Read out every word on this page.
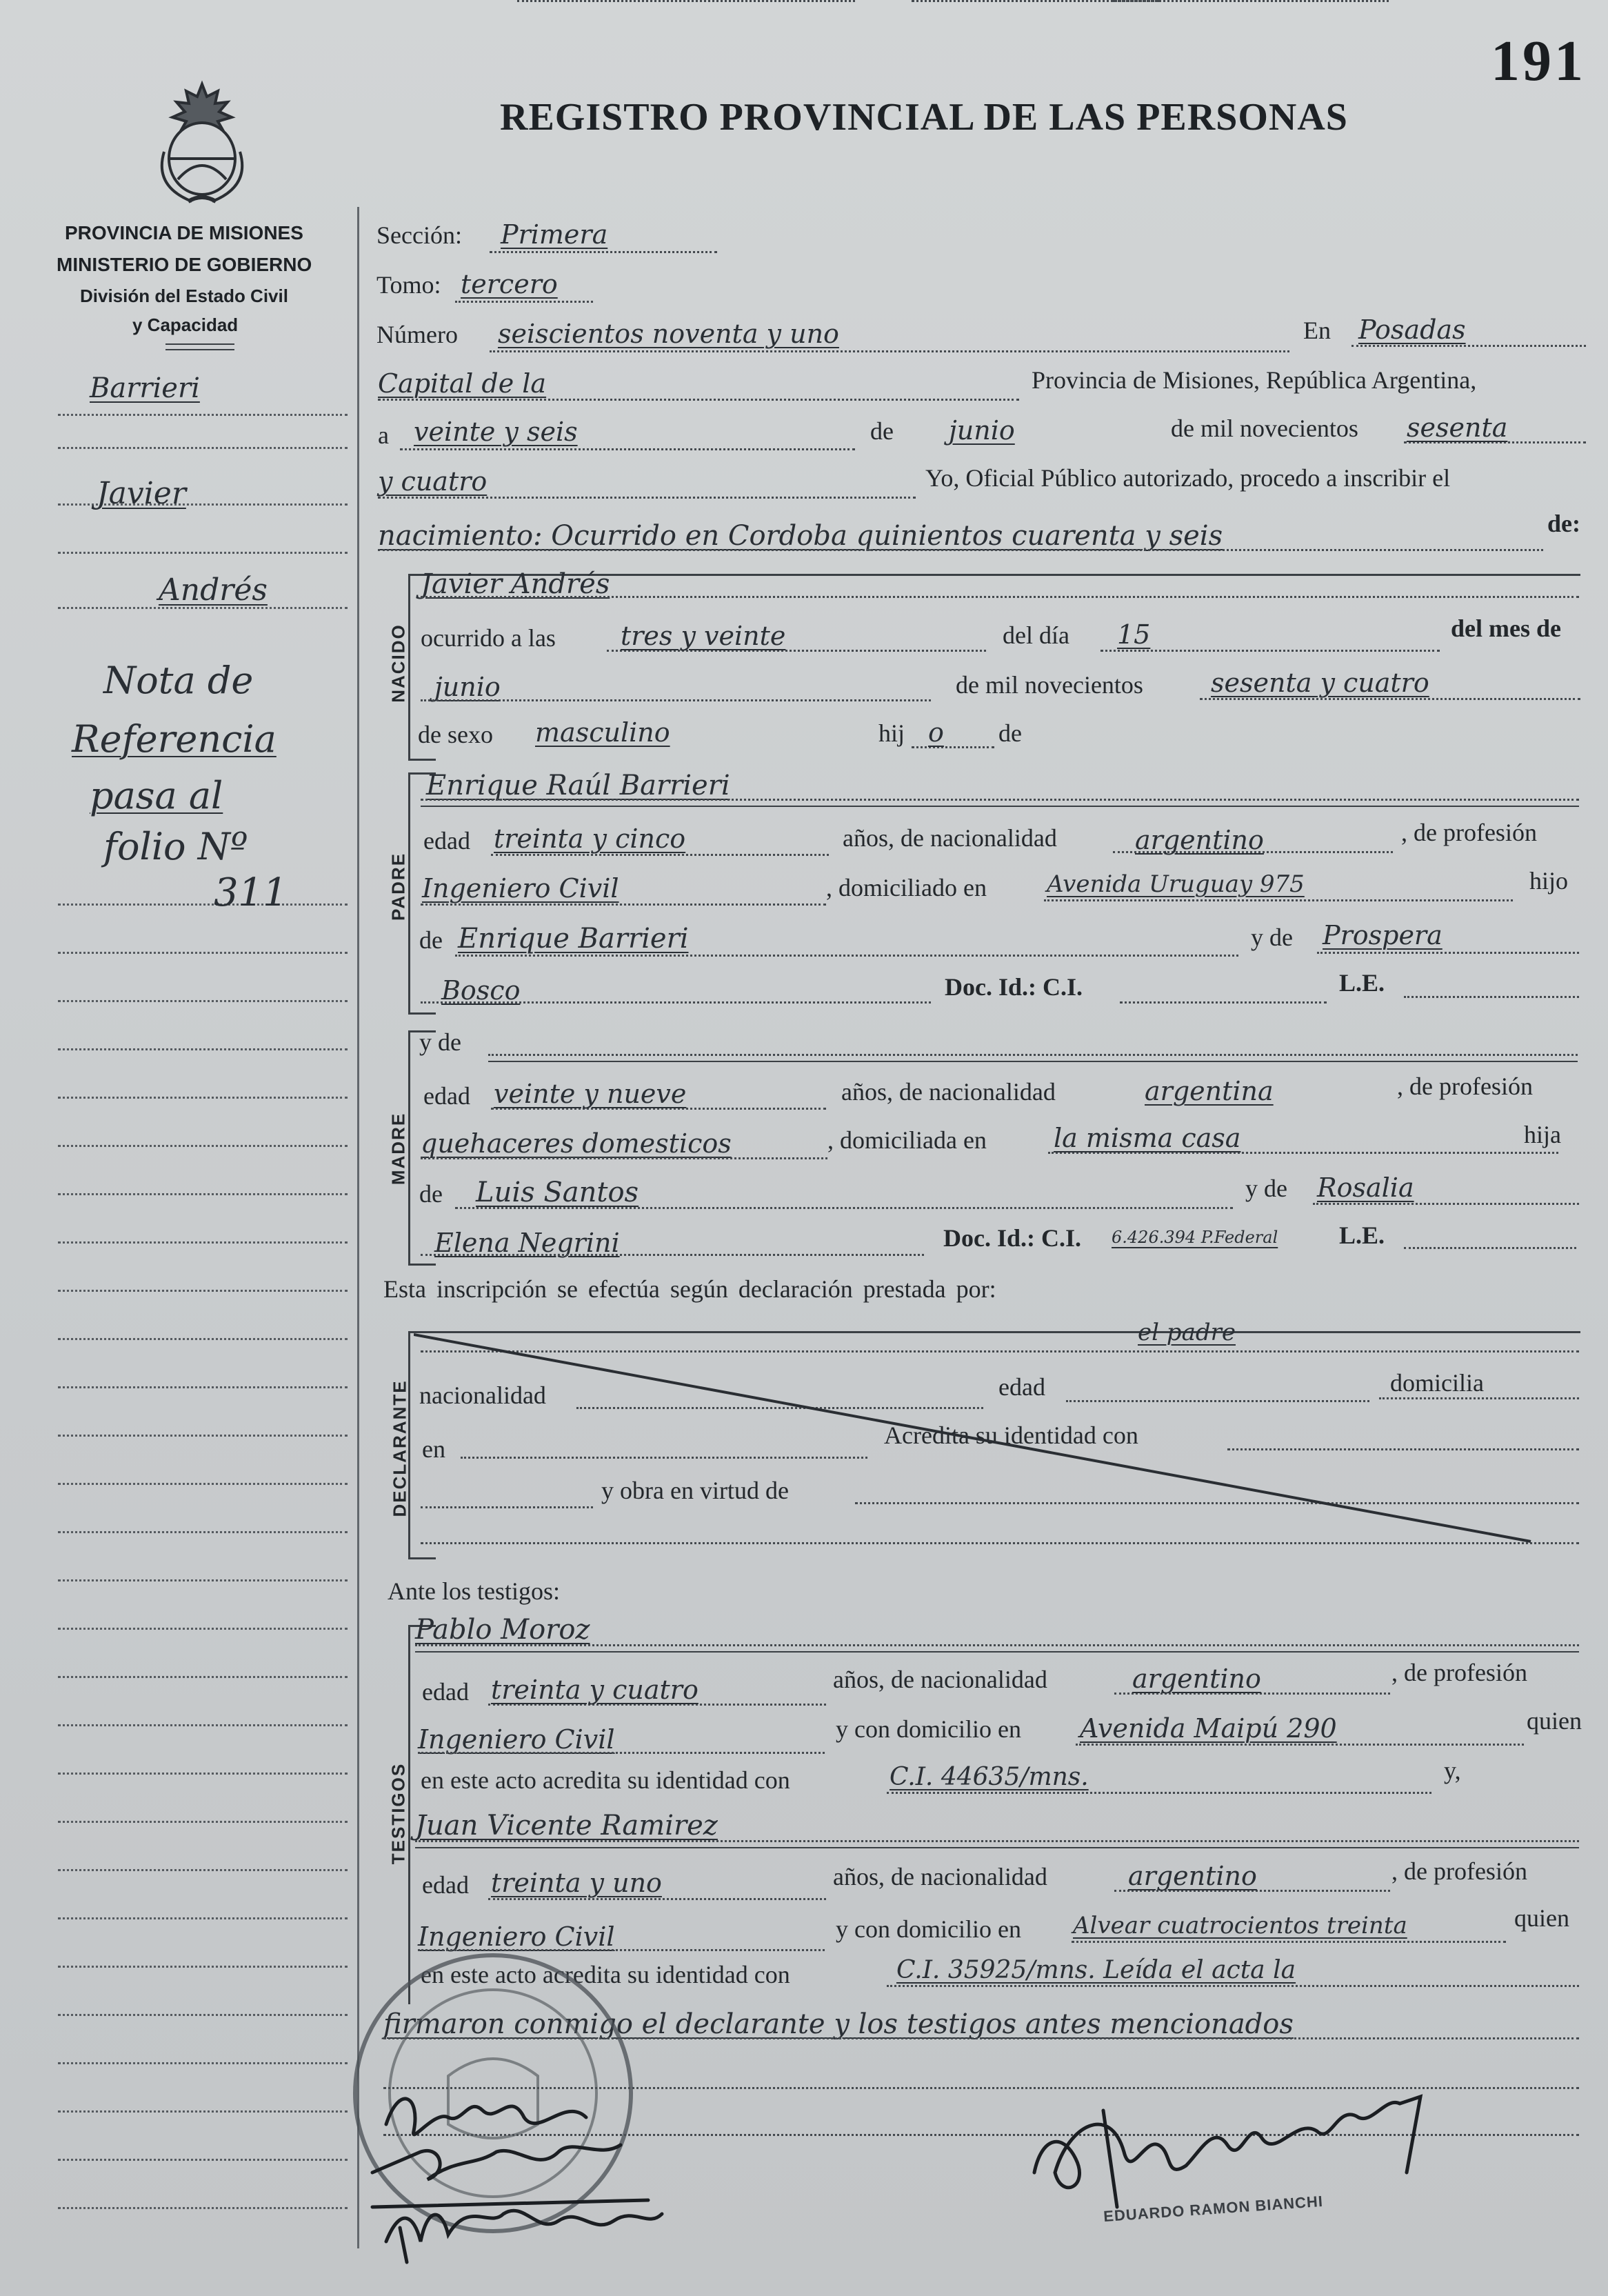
191
REGISTRO PROVINCIAL DE LAS PERSONAS
PROVINCIA DE MISIONES
MINISTERIO DE GOBIERNO
División del Estado Civil
y Capacidad
Barrieri
Javier
Andrés
Nota de
Referencia
pasa al
folio Nº
311
Sección: Primera
Tomo: tercero
Número seiscientos noventa y uno	En Posadas
Capital de la	Provincia de Misiones, República Argentina,
a veinte y seis	de junio	de mil novecientos sesenta
y cuatro	Yo, Oficial Público autorizado, procedo a inscribir el
nacimiento: Ocurrido en Cordoba quinientos cuarenta y seis	de:
NACIDO
Javier Andrés
ocurrido a las tres y veinte	del día 15	del mes de
junio	de mil novecientos	sesenta y cuatro
de sexo masculino	hij o de
PADRE
Enrique Raúl Barrieri
edad treinta y cinco	años, de nacionalidad	argentino	, de profesión
Ingeniero Civil	, domiciliado en	Avenida Uruguay 975	hijo
de Enrique Barrieri	y de Prospera
Bosco	Doc. Id.: C.I.	L.E.
MADRE
y de
edad veinte y nueve	años, de nacionalidad	argentina	, de profesión
quehaceres domesticos	, domiciliada en	la misma casa	hija
de Luis Santos	y de Rosalia
Elena Negrini	Doc. Id.: C.I. 6.426.394 P.Federal L.E.
Esta inscripción se efectúa según declaración prestada por:
DECLARANTE
el padre
nacionalidad	edad	domicilia
en	Acredita su identidad con
y obra en virtud de
Ante los testigos:
TESTIGOS
Pablo Moroz
edad treinta y cuatro	años, de nacionalidad	argentino	, de profesión
Ingeniero Civil	y con domicilio en Avenida Maipú 290	quien
en este acto acredita su identidad con	C.I. 44635/mns.	y,
Juan Vicente Ramirez
edad treinta y uno	años, de nacionalidad	argentino	, de profesión
Ingeniero Civil	y con domicilio en Alvear cuatrocientos treinta	quien
en este acto acredita su identidad con	C.I. 35925/mns. Leída el acta la
firmaron conmigo el declarante y los testigos antes mencionados
EDUARDO RAMON BIANCHI
